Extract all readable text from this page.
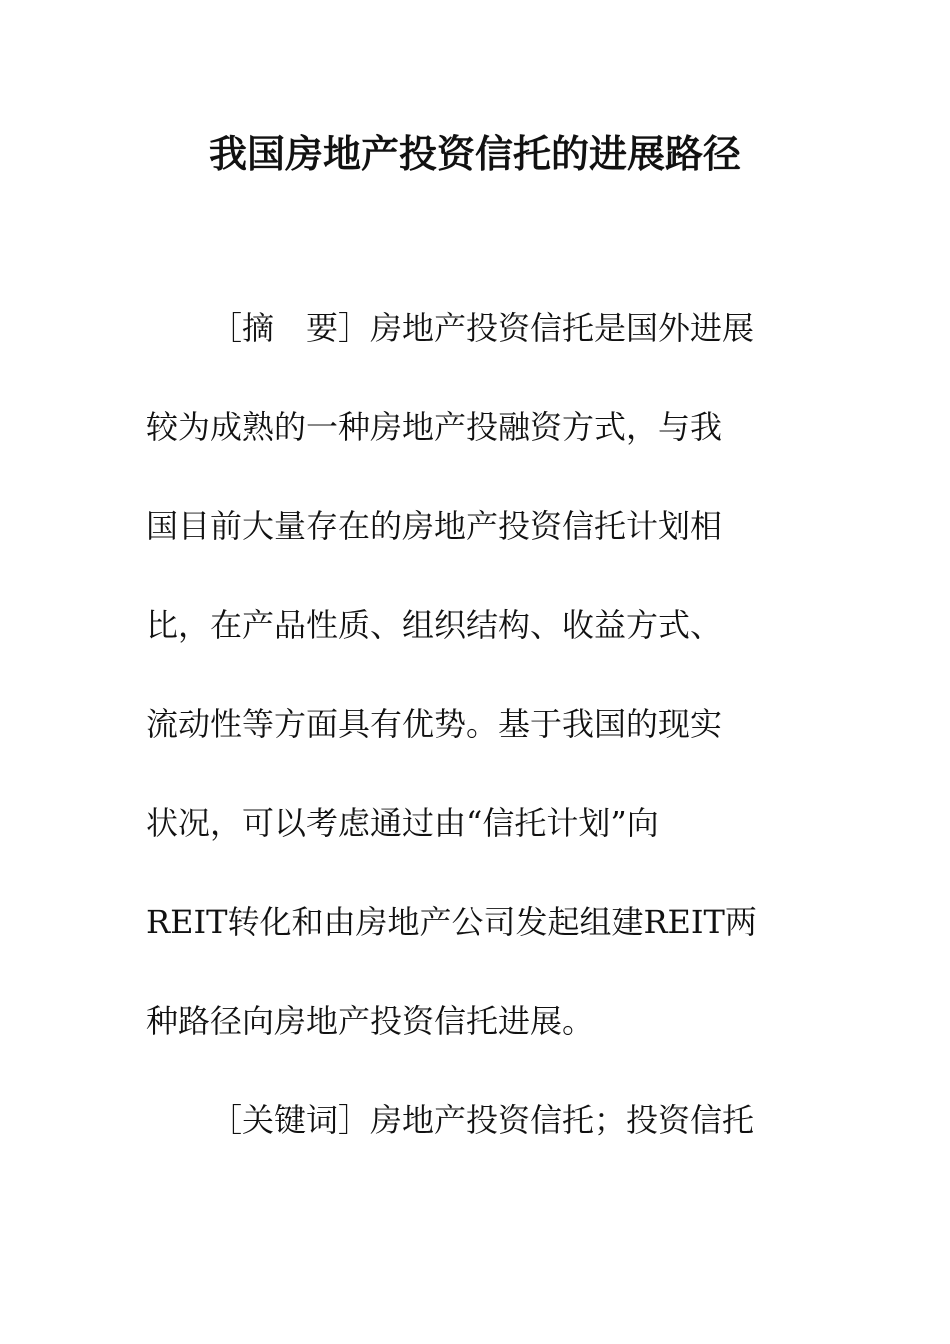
我国房地产投资信托的进展路径

［摘　要］房地产投资信托是国外进展

较为成熟的一种房地产投融资方式，与我

国目前大量存在的房地产投资信托计划相

比，在产品性质、组织结构、收益方式、

流动性等方面具有优势。基于我国的现实

状况，可以考虑通过由“信托计划”向

REIT转化和由房地产公司发起组建REIT两

种路径向房地产投资信托进展。

［关键词］房地产投资信托；投资信托
